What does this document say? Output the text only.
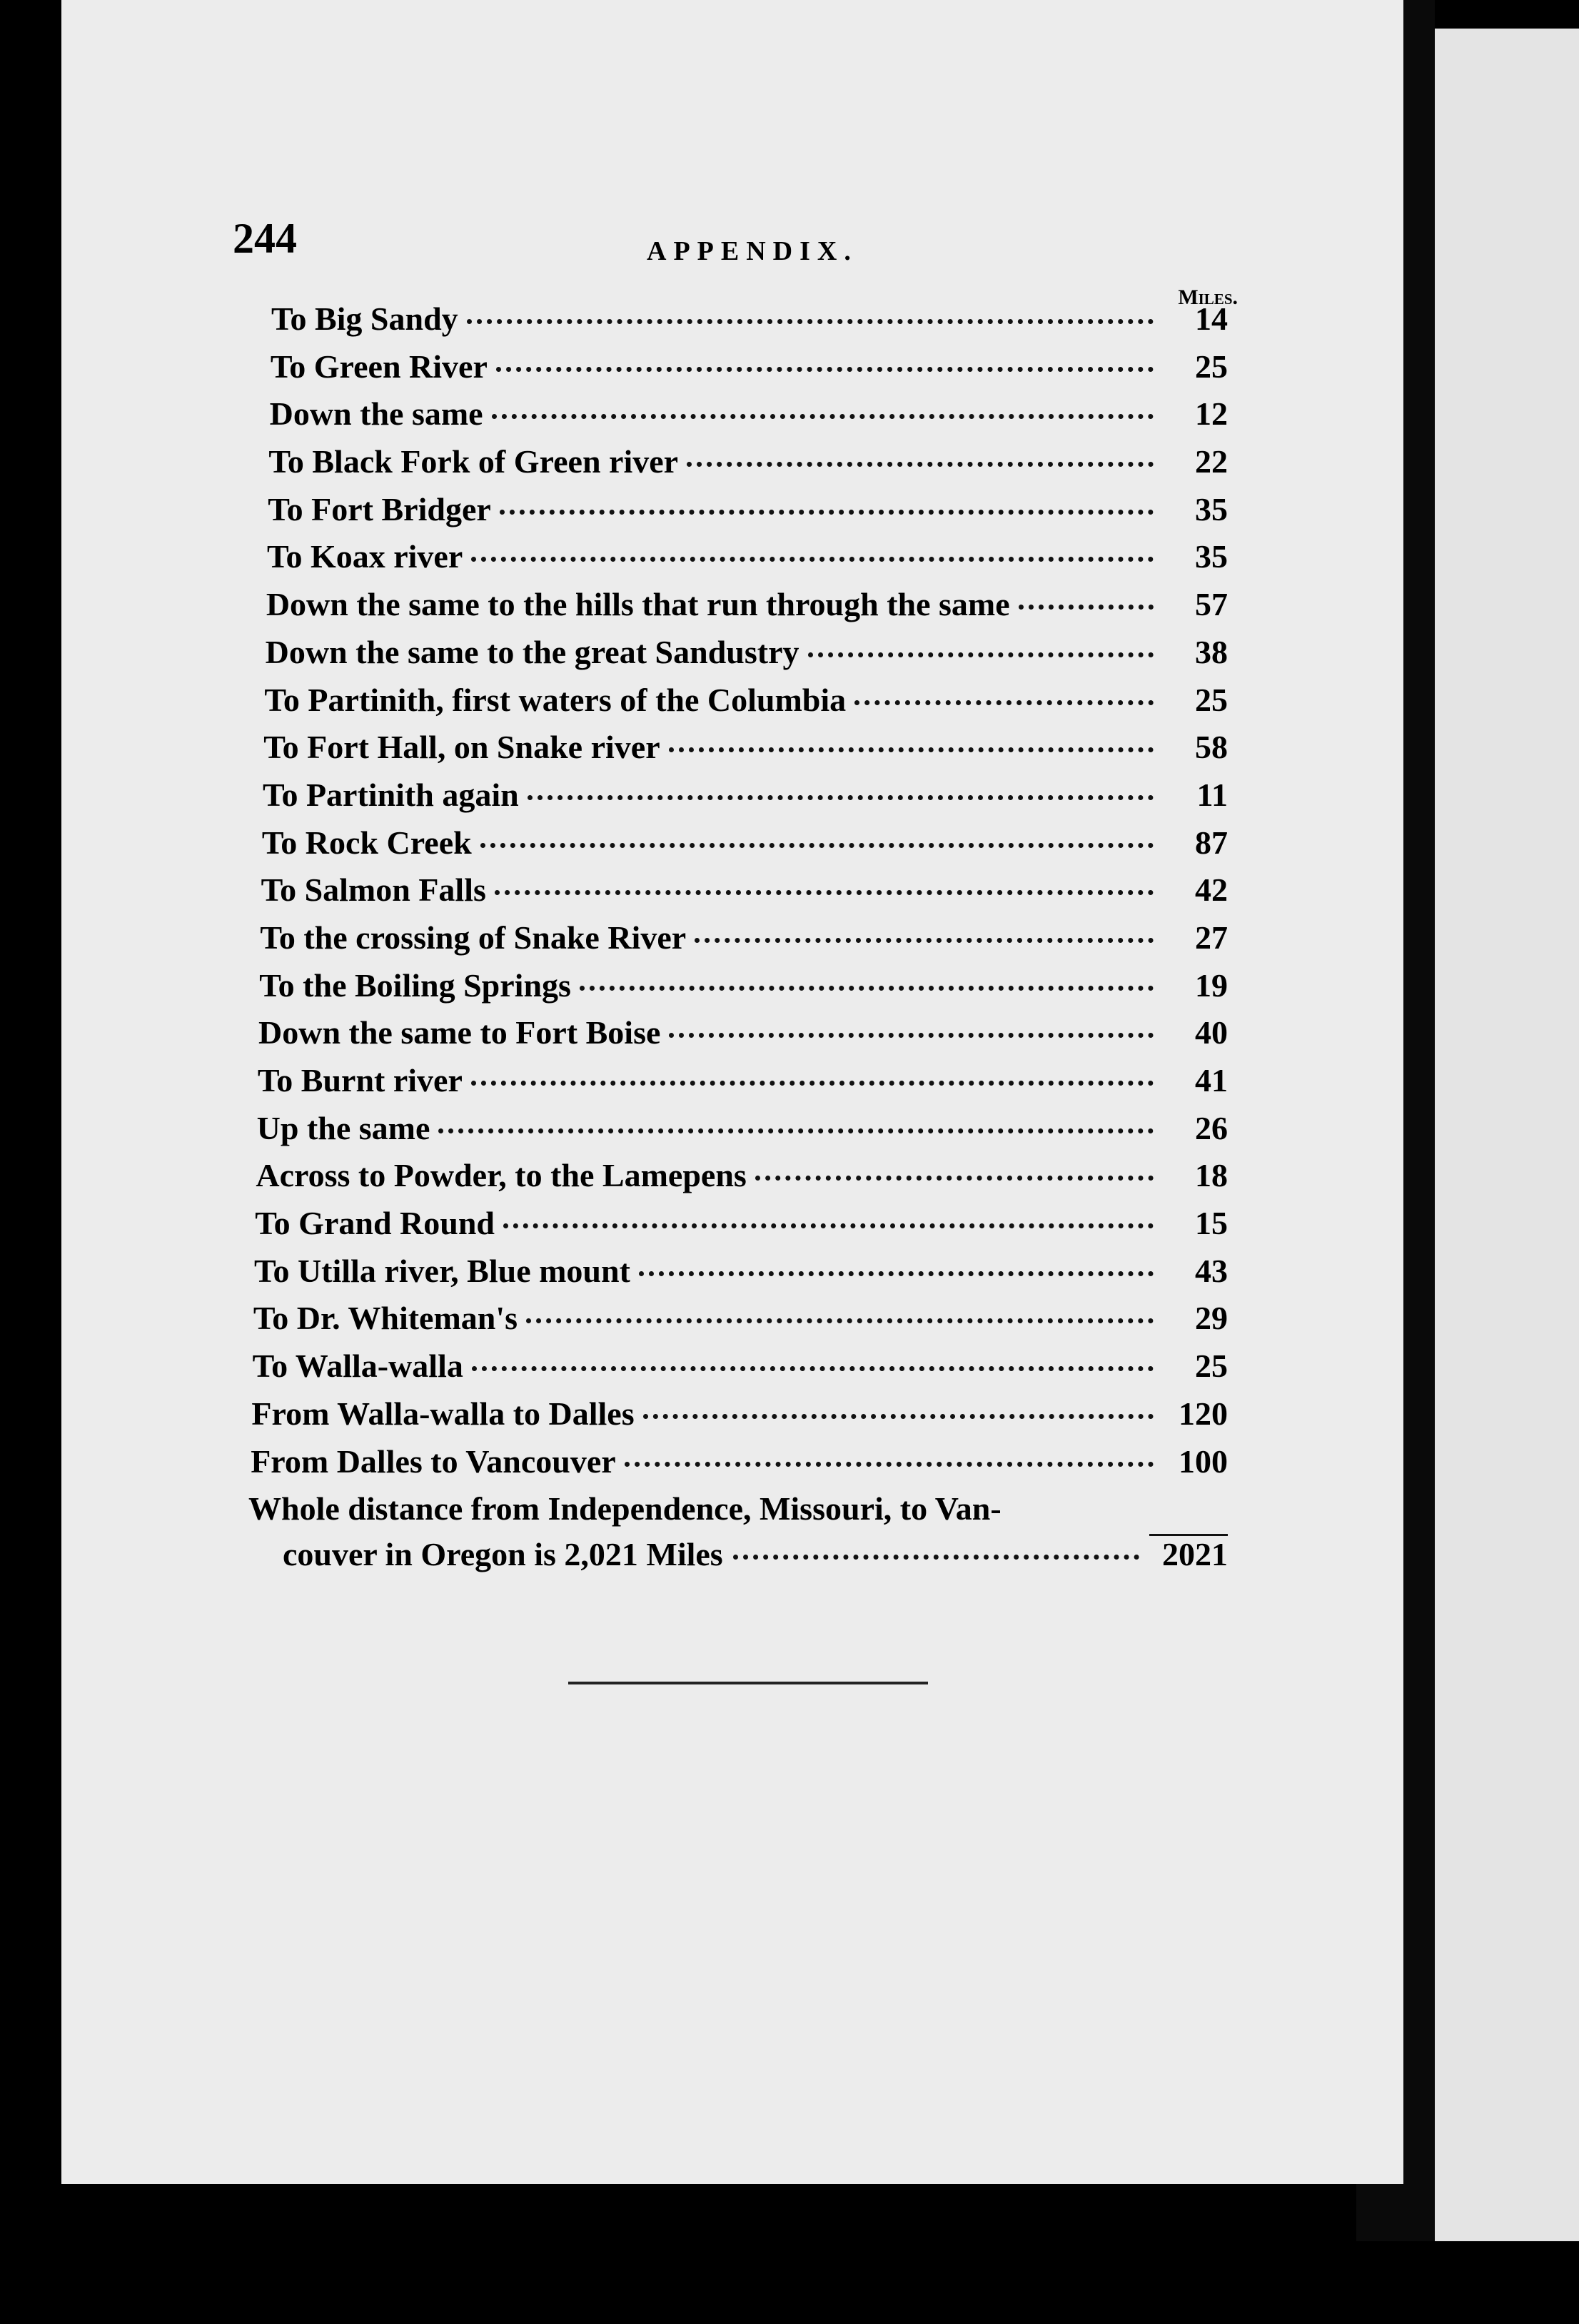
244	APPENDIX.
Miles.
To Big Sandy	14
To Green River	25
Down the same	12
To Black Fork of Green river	22
To Fort Bridger	35
To Koax river	35
Down the same to the hills that run through the same	57
Down the same to the great Sandustry	38
To Partinith, first waters of the Columbia	25
To Fort Hall, on Snake river	58
To Partinith again	11
To Rock Creek	87
To Salmon Falls	42
To the crossing of Snake River	27
To the Boiling Springs	19
Down the same to Fort Boise	40
To Burnt river	41
Up the same	26
Across to Powder, to the Lamepens	18
To Grand Round	15
To Utilla river, Blue mount	43
To Dr. Whiteman's	29
To Walla-walla	25
From Walla-walla to Dalles	120
From Dalles to Vancouver	100
Whole distance from Independence, Missouri, to Van-
couver in Oregon is 2,021 Miles	2021
